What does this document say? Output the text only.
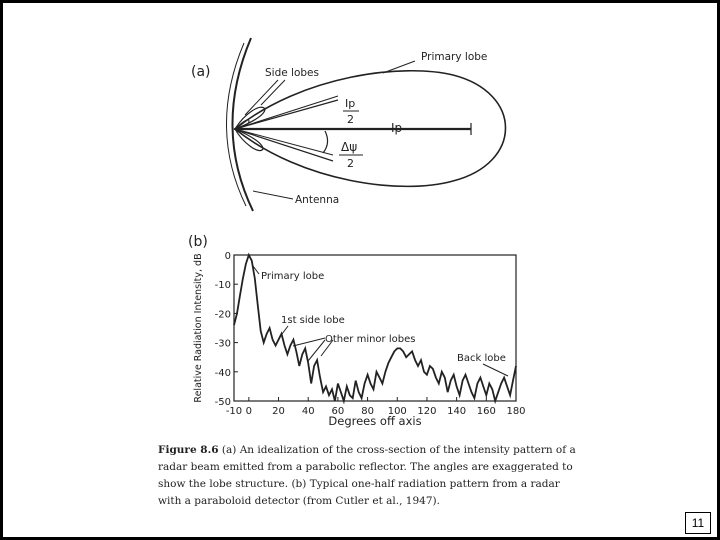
(a)	Side lobes
Primary lobe
Ip
2
Ip
Δψ
2
Antenna
(b)
Relative Radiation Intensity, dB
Degrees off axis
-10 0 20 40 60 80 100 120 140 160 180
0
-10
-20
-30
-40
-50
Primary lobe
1st side lobe
Other minor lobes
Back lobe
Figure 8.6 (a) An idealization of the cross-section of the intensity pattern of a radar beam emitted from a parabolic reflector. The angles are exaggerated to show the lobe structure. (b) Typical one-half radiation pattern from a radar with a paraboloid detector (from Cutler et al., 1947).
11
